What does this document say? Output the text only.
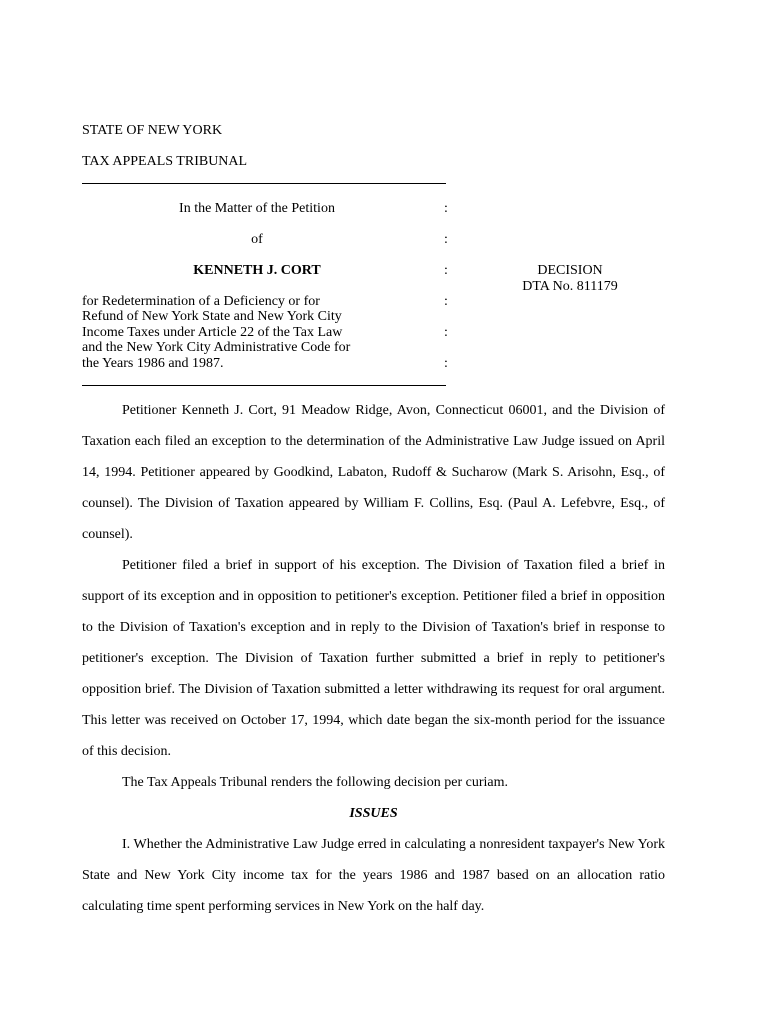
STATE OF NEW YORK
TAX APPEALS TRIBUNAL
In the Matter of the Petition
of
KENNETH J. CORT
for Redetermination of a Deficiency or for
Refund of New York State and New York City
Income Taxes under Article 22 of the Tax Law
and the New York City Administrative Code for
the Years 1986 and 1987.
:
:
:
:
:
:
DECISION
DTA No. 811179

Petitioner Kenneth J. Cort, 91 Meadow Ridge, Avon, Connecticut 06001, and the Division of Taxation each filed an exception to the determination of the Administrative Law Judge issued on April 14, 1994. Petitioner appeared by Goodkind, Labaton, Rudoff & Sucharow (Mark S. Arisohn, Esq., of counsel). The Division of Taxation appeared by William F. Collins, Esq. (Paul A. Lefebvre, Esq., of counsel).

Petitioner filed a brief in support of his exception. The Division of Taxation filed a brief in support of its exception and in opposition to petitioner's exception. Petitioner filed a brief in opposition to the Division of Taxation's exception and in reply to the Division of Taxation's brief in response to petitioner's exception. The Division of Taxation further submitted a brief in reply to petitioner's opposition brief. The Division of Taxation submitted a letter withdrawing its request for oral argument. This letter was received on October 17, 1994, which date began the six-month period for the issuance of this decision.

The Tax Appeals Tribunal renders the following decision per curiam.

ISSUES

I. Whether the Administrative Law Judge erred in calculating a nonresident taxpayer's New York State and New York City income tax for the years 1986 and 1987 based on an allocation ratio calculating time spent performing services in New York on the half day.
